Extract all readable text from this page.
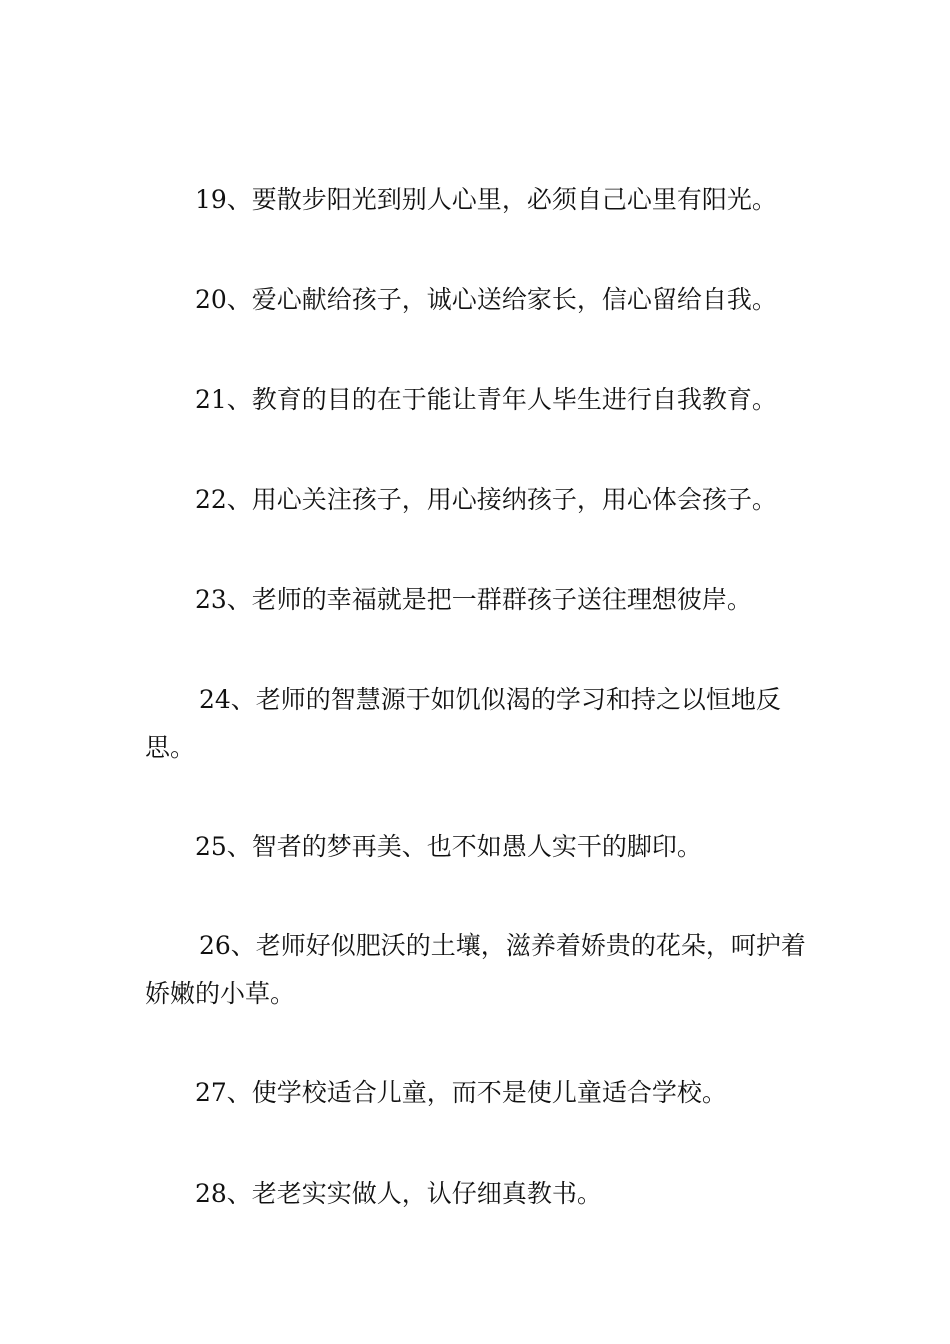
19、要散步阳光到别人心里，必须自己心里有阳光。

20、爱心献给孩子，诚心送给家长，信心留给自我。

21、教育的目的在于能让青年人毕生进行自我教育。

22、用心关注孩子，用心接纳孩子，用心体会孩子。

23、老师的幸福就是把一群群孩子送往理想彼岸。

24、老师的智慧源于如饥似渴的学习和持之以恒地反思。

25、智者的梦再美、也不如愚人实干的脚印。

26、老师好似肥沃的土壤，滋养着娇贵的花朵，呵护着娇嫩的小草。

27、使学校适合儿童，而不是使儿童适合学校。

28、老老实实做人，认仔细真教书。
